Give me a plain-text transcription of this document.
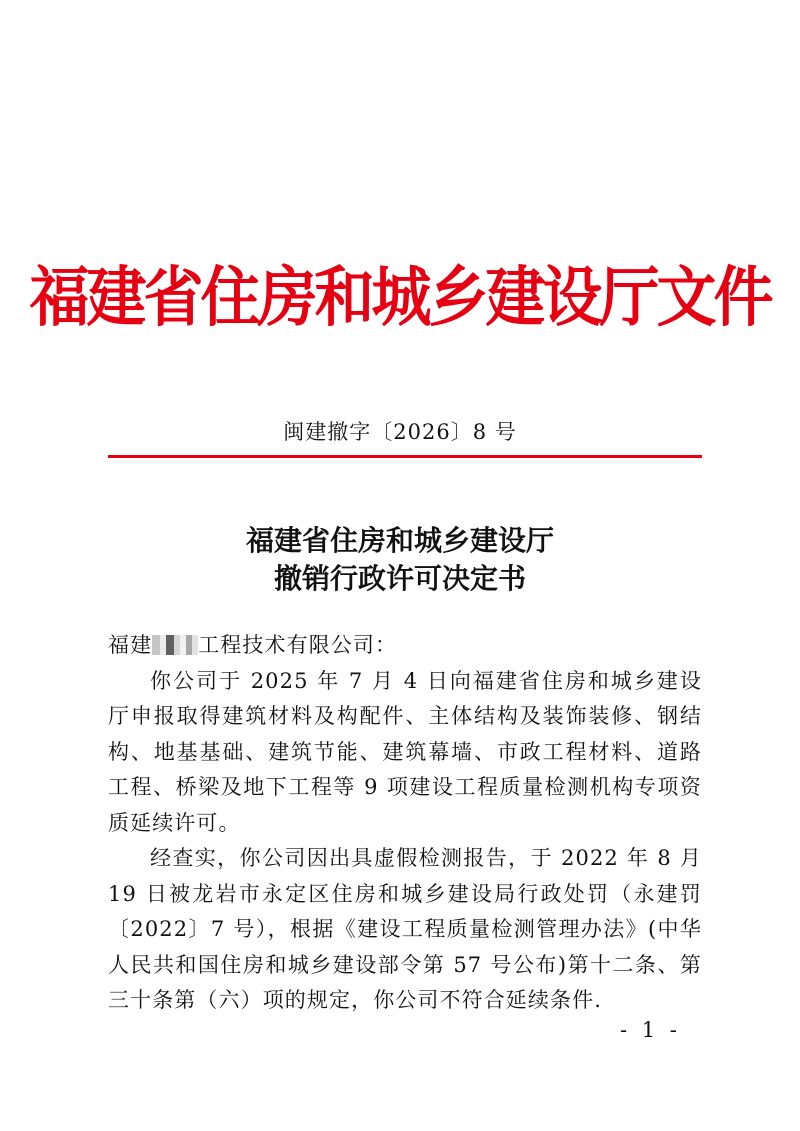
福建省住房和城乡建设厅文件
闽建撤字〔2026〕8 号
福建省住房和城乡建设厅
撤销行政许可决定书

福建 工程技术有限公司：

你公司于 2025 年 7 月 4 日向福建省住房和城乡建设厅申报取得建筑材料及构配件、主体结构及装饰装修、钢结构、地基基础、建筑节能、建筑幕墙、市政工程材料、道路工程、桥梁及地下工程等 9 项建设工程质量检测机构专项资质延续许可。

经查实，你公司因出具虚假检测报告，于 2022 年 8 月 19 日被龙岩市永定区住房和城乡建设局行政处罚（永建罚〔2022〕7 号），根据《建设工程质量检测管理办法》(中华人民共和国住房和城乡建设部令第 57 号公布)第十二条、第三十条第（六）项的规定，你公司不符合延续条件.

- 1 -
